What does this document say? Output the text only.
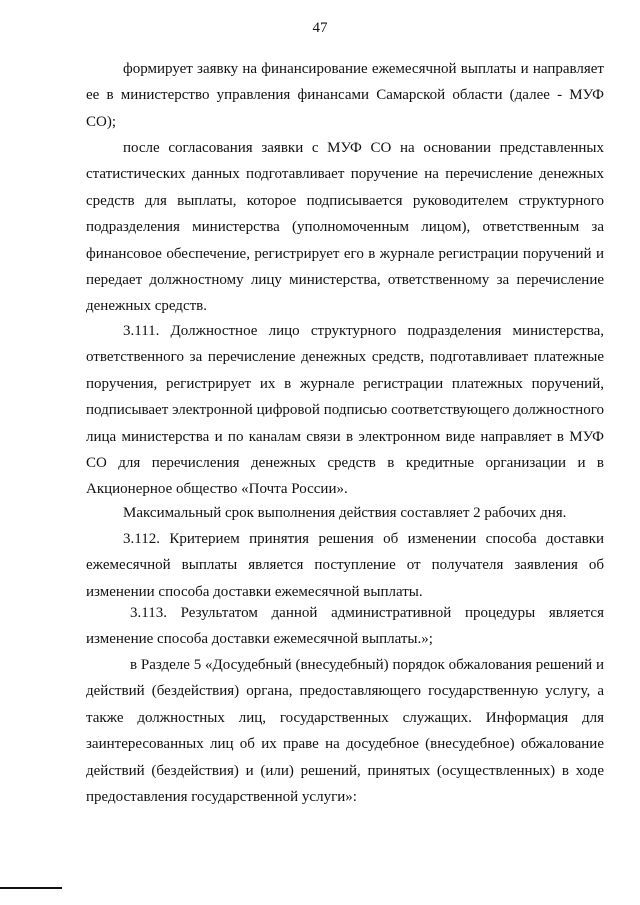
47

формирует заявку на финансирование ежемесячной выплаты и направляет ее в министерство управления финансами Самарской области (далее - МУФ СО);

после согласования заявки с МУФ СО на основании представленных статистических данных подготавливает поручение на перечисление денежных средств для выплаты, которое подписывается руководителем структурного подразделения министерства (уполномоченным лицом), ответственным за финансовое обеспечение, регистрирует его в журнале регистрации поручений и передает должностному лицу министерства, ответственному за перечисление денежных средств.

3.111. Должностное лицо структурного подразделения министерства, ответственного за перечисление денежных средств, подготавливает платежные поручения, регистрирует их в журнале регистрации платежных поручений, подписывает электронной цифровой подписью соответствующего должностного лица министерства и по каналам связи в электронном виде направляет в МУФ СО для перечисления денежных средств в кредитные организации и в Акционерное общество «Почта России».

Максимальный срок выполнения действия составляет 2 рабочих дня.

3.112. Критерием принятия решения об изменении способа доставки ежемесячной выплаты является поступление от получателя заявления об изменении способа доставки ежемесячной выплаты.

3.113. Результатом данной административной процедуры является изменение способа доставки ежемесячной выплаты.»;

в Разделе 5 «Досудебный (внесудебный) порядок обжалования решений и действий (бездействия) органа, предоставляющего государственную услугу, а также должностных лиц, государственных служащих. Информация для заинтересованных лиц об их праве на досудебное (внесудебное) обжалование действий (бездействия) и (или) решений, принятых (осуществленных) в ходе предоставления государственной услуги»:
